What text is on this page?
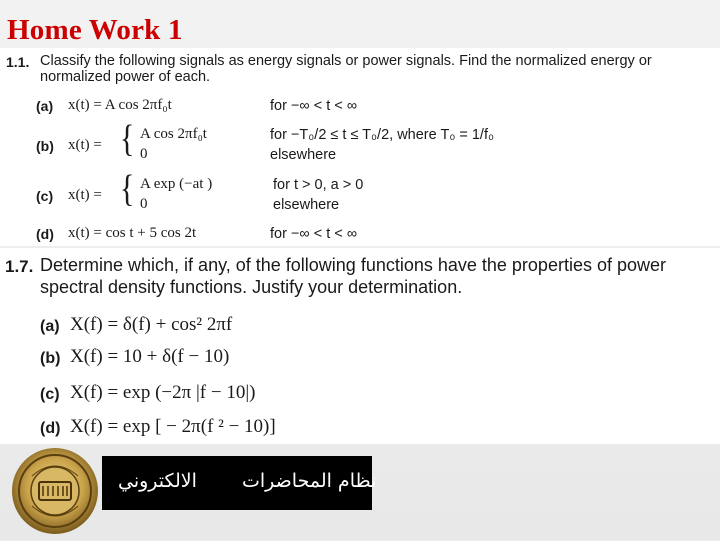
Home Work 1
1.1. Classify the following signals as energy signals or power signals. Find the normalized energy or normalized power of each.
(a) x(t) = A cos 2πf₀t	for −∞ < t < ∞
(b) x(t) = { A cos 2πf₀t
0
for −T₀/2 ≤ t ≤ T₀/2, where T₀ = 1/f₀
elsewhere
(c) x(t) = { A exp (−at )
0
for t > 0, a > 0
elsewhere
(d) x(t) = cos t + 5 cos 2t	for −∞ < t < ∞
1.7. Determine which, if any, of the following functions have the properties of power spectral density functions. Justify your determination.
(a) X(f) = δ(f) + cos² 2πf
(b) X(f) = 10 + δ(f − 10)
(c) X(f) = exp (−2π |f − 10|)
(d) X(f) = exp [ − 2π(f ² − 10)]
الالكتروني نظام المحاضرات
